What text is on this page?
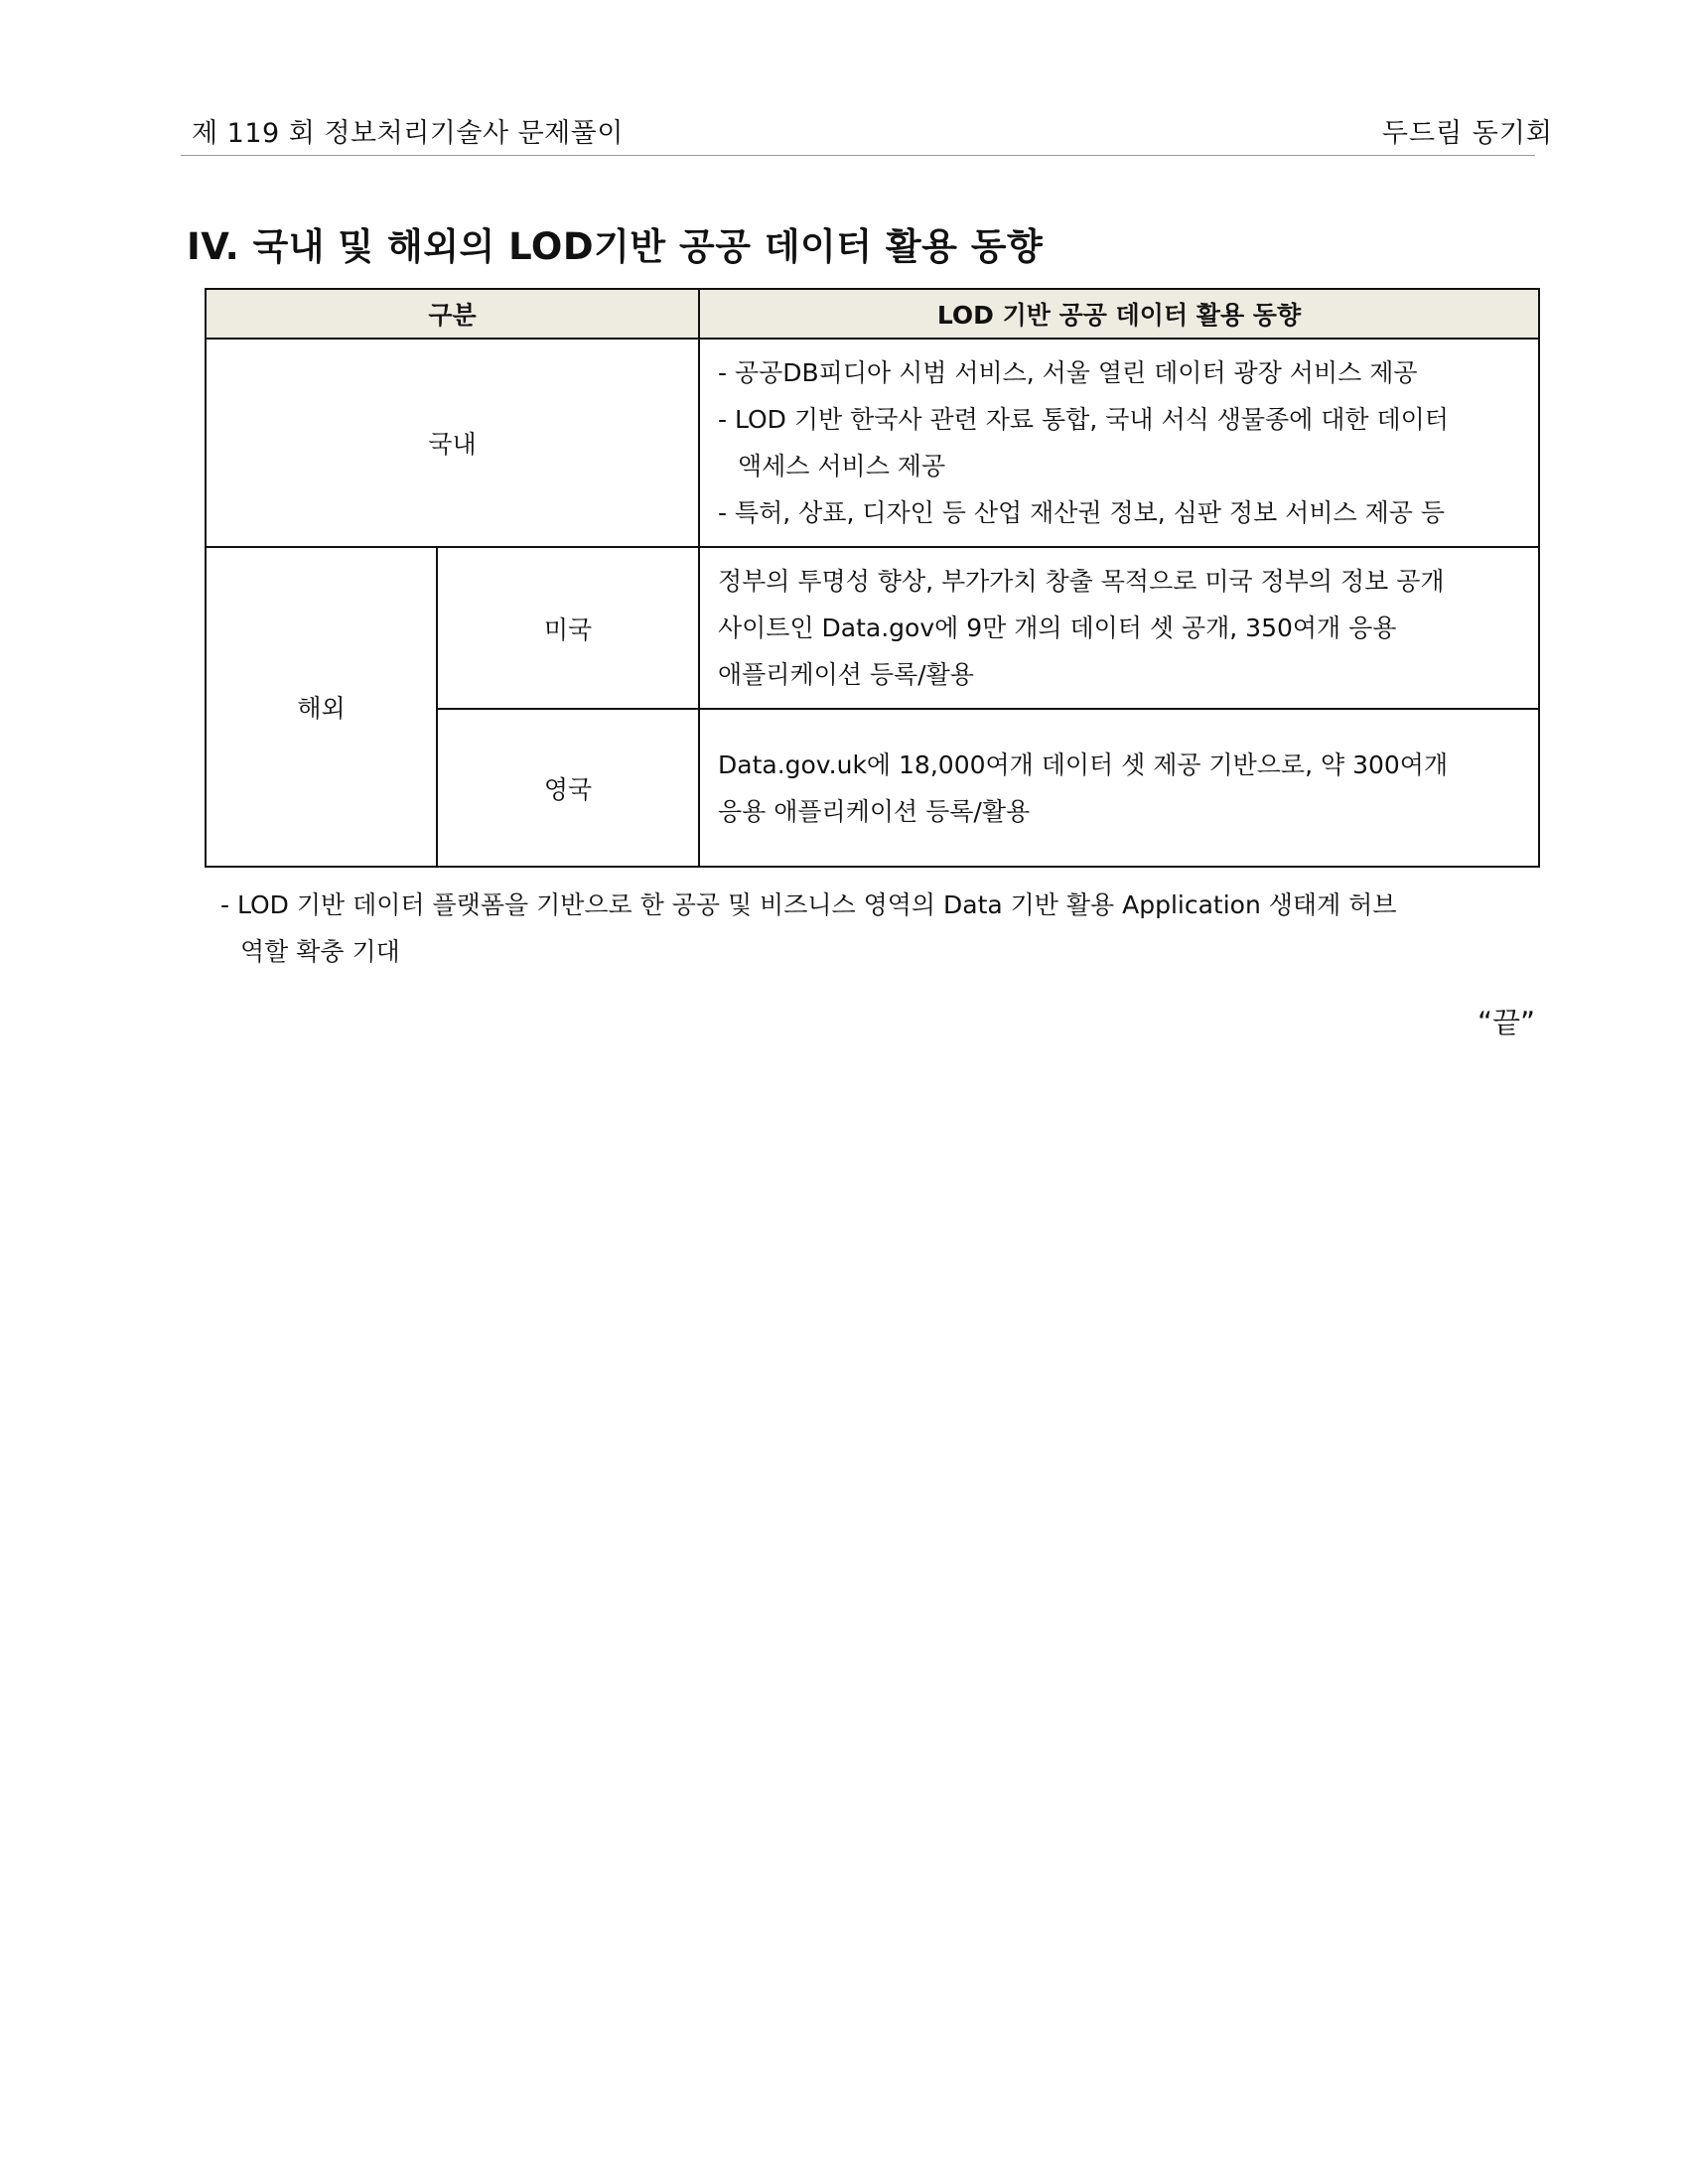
제 119 회 정보처리기술사 문제풀이	두드림 동기회
IV. 국내 및 해외의 LOD기반 공공 데이터 활용 동향
구분		LOD 기반 공공 데이터 활용 동향
국내		- 공공DB피디아 시범 서비스, 서울 열린 데이터 광장 서비스 제공
- LOD 기반 한국사 관련 자료 통합, 국내 서식 생물종에 대한 데이터
액세스 서비스 제공
- 특허, 상표, 디자인 등 산업 재산권 정보, 심판 정보 서비스 제공 등

해외	미국	정부의 투명성 향상, 부가가치 창출 목적으로 미국 정부의 정보 공개
사이트인 Data.gov에 9만 개의 데이터 셋 공개, 350여개 응용
애플리케이션 등록/활용

	영국	Data.gov.uk에 18,000여개 데이터 셋 제공 기반으로, 약 300여개
응용 애플리케이션 등록/활용
- LOD 기반 데이터 플랫폼을 기반으로 한 공공 및 비즈니스 영역의 Data 기반 활용 Application 생태계 허브
역할 확충 기대
“끝”
